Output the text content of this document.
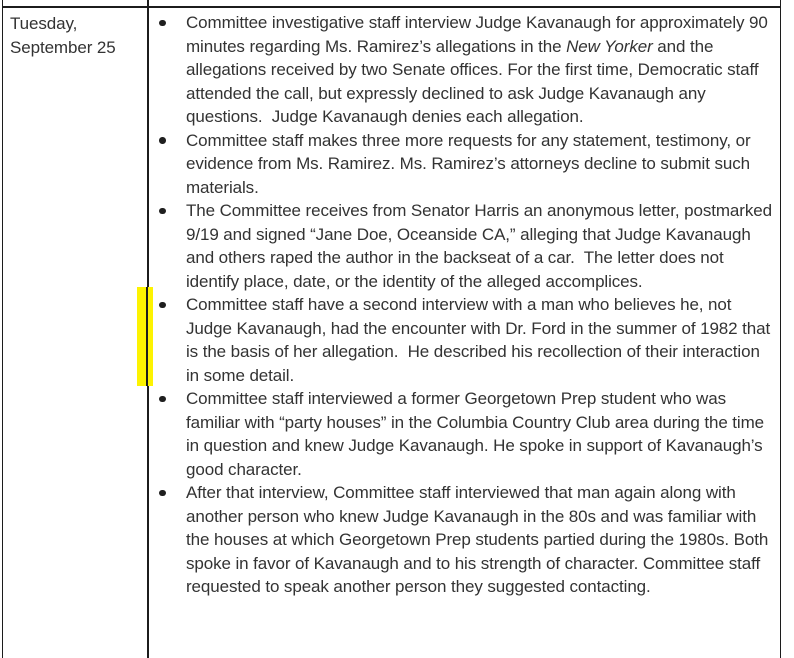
Tuesday,
September 25
Committee investigative staff interview Judge Kavanaugh for approximately 90 minutes regarding Ms. Ramirez’s allegations in the New Yorker and the allegations received by two Senate offices. For the first time, Democratic staff attended the call, but expressly declined to ask Judge Kavanaugh any questions.  Judge Kavanaugh denies each allegation.
Committee staff makes three more requests for any statement, testimony, or evidence from Ms. Ramirez. Ms. Ramirez’s attorneys decline to submit such materials.
The Committee receives from Senator Harris an anonymous letter, postmarked 9/19 and signed “Jane Doe, Oceanside CA,” alleging that Judge Kavanaugh and others raped the author in the backseat of a car.  The letter does not identify place, date, or the identity of the alleged accomplices.
Committee staff have a second interview with a man who believes he, not Judge Kavanaugh, had the encounter with Dr. Ford in the summer of 1982 that is the basis of her allegation.  He described his recollection of their interaction in some detail.
Committee staff interviewed a former Georgetown Prep student who was familiar with “party houses” in the Columbia Country Club area during the time in question and knew Judge Kavanaugh. He spoke in support of Kavanaugh’s good character.
After that interview, Committee staff interviewed that man again along with another person who knew Judge Kavanaugh in the 80s and was familiar with the houses at which Georgetown Prep students partied during the 1980s. Both spoke in favor of Kavanaugh and to his strength of character. Committee staff requested to speak another person they suggested contacting.
